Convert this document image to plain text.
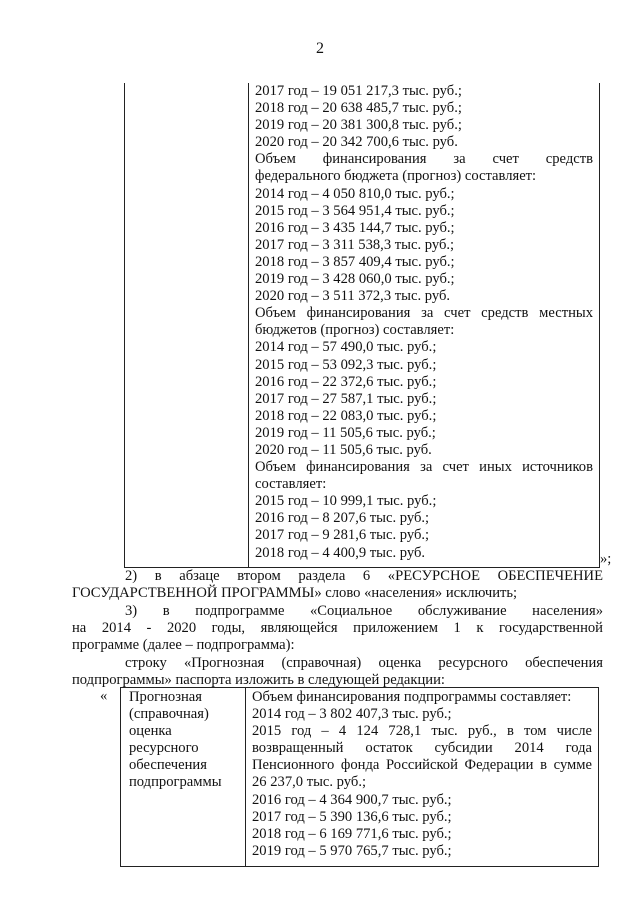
2
2017 год – 19 051 217,3 тыс. руб.;
2018 год – 20 638 485,7 тыс. руб.;
2019 год – 20 381 300,8 тыс. руб.;
2020 год – 20 342 700,6 тыс. руб.
Объем финансирования за счет средств
федерального бюджета (прогноз) составляет:
2014 год – 4 050 810,0 тыс. руб.;
2015 год – 3 564 951,4 тыс. руб.;
2016 год – 3 435 144,7 тыс. руб.;
2017 год – 3 311 538,3 тыс. руб.;
2018 год – 3 857 409,4 тыс. руб.;
2019 год – 3 428 060,0 тыс. руб.;
2020 год – 3 511 372,3 тыс. руб.
Объем финансирования за счет средств местных
бюджетов (прогноз) составляет:
2014 год – 57 490,0 тыс. руб.;
2015 год – 53 092,3 тыс. руб.;
2016 год – 22 372,6 тыс. руб.;
2017 год – 27 587,1 тыс. руб.;
2018 год – 22 083,0 тыс. руб.;
2019 год – 11 505,6 тыс. руб.;
2020 год – 11 505,6 тыс. руб.
Объем финансирования за счет иных источников
составляет:
2015 год – 10 999,1 тыс. руб.;
2016 год – 8 207,6 тыс. руб.;
2017 год – 9 281,6 тыс. руб.;
2018 год – 4 400,9 тыс. руб.	»;
2) в абзаце втором раздела 6 «РЕСУРСНОЕ ОБЕСПЕЧЕНИЕ
ГОСУДАРСТВЕННОЙ ПРОГРАММЫ» слово «населения» исключить;
3) в подпрограмме «Социальное обслуживание населения»
на 2014 - 2020 годы, являющейся приложением 1 к государственной
программе (далее – подпрограмма):
строку «Прогнозная (справочная) оценка ресурсного обеспечения
подпрограммы» паспорта изложить в следующей редакции:
« Прогнозная
(справочная)
оценка
ресурсного
обеспечения
подпрограммы
Объем финансирования подпрограммы составляет:
2014 год – 3 802 407,3 тыс. руб.;
2015 год – 4 124 728,1 тыс. руб., в том числе
возвращенный остаток субсидии 2014 года
Пенсионного фонда Российской Федерации в сумме
26 237,0 тыс. руб.;
2016 год – 4 364 900,7 тыс. руб.;
2017 год – 5 390 136,6 тыс. руб.;
2018 год – 6 169 771,6 тыс. руб.;
2019 год – 5 970 765,7 тыс. руб.;
